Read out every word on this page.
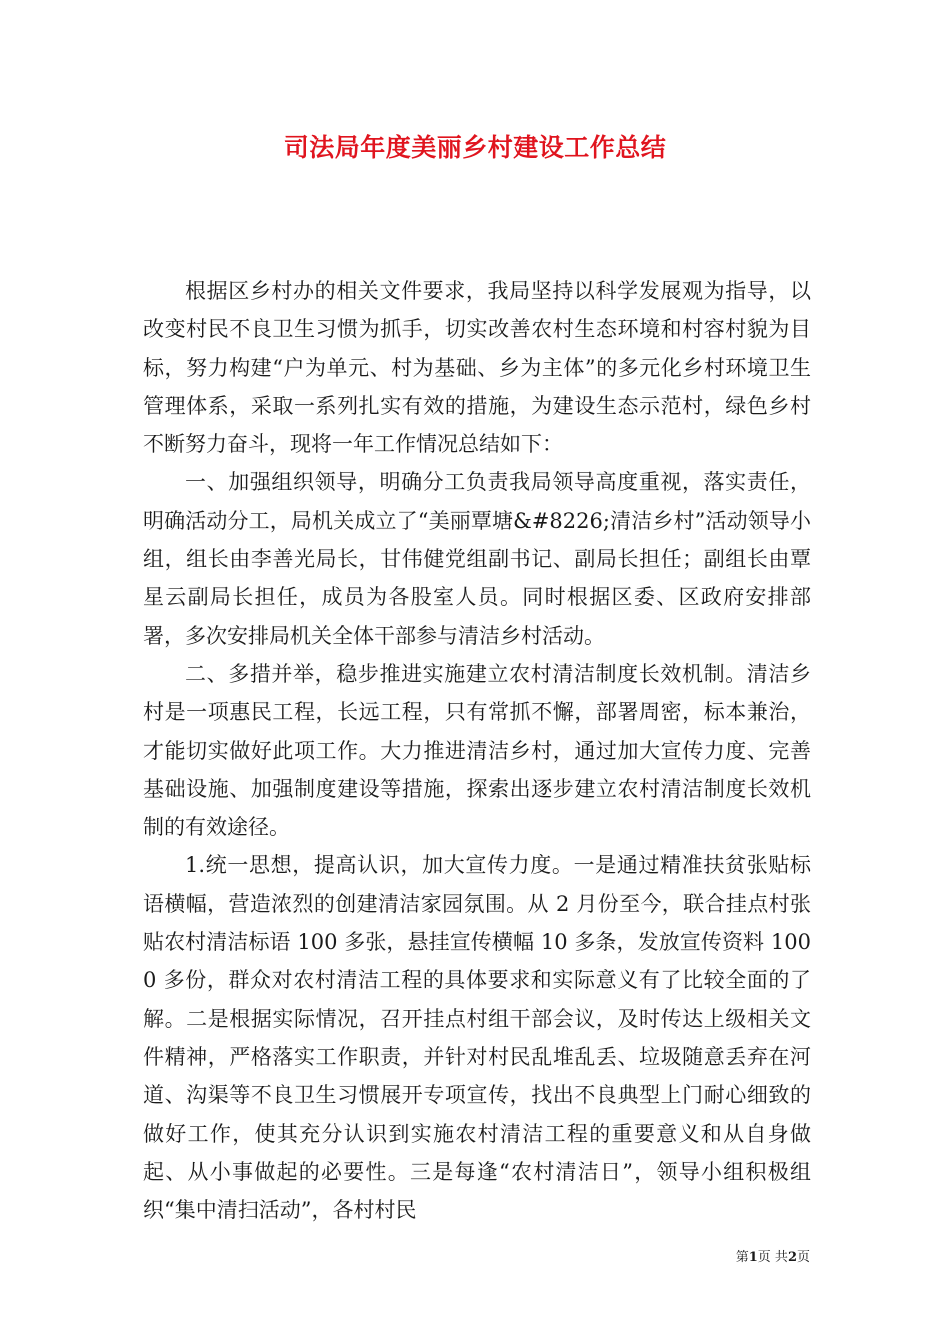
司法局年度美丽乡村建设工作总结

根据区乡村办的相关文件要求，我局坚持以科学发展观为指导，以改变村民不良卫生习惯为抓手，切实改善农村生态环境和村容村貌为目标，努力构建“户为单元、村为基础、乡为主体”的多元化乡村环境卫生管理体系，采取一系列扎实有效的措施，为建设生态示范村，绿色乡村不断努力奋斗，现将一年工作情况总结如下：

一、加强组织领导，明确分工负责我局领导高度重视，落实责任，明确活动分工，局机关成立了“美丽覃塘&#8226;清洁乡村”活动领导小组，组长由李善光局长，甘伟健党组副书记、副局长担任；副组长由覃星云副局长担任，成员为各股室人员。同时根据区委、区政府安排部署，多次安排局机关全体干部参与清洁乡村活动。

二、多措并举，稳步推进实施建立农村清洁制度长效机制。清洁乡村是一项惠民工程，长远工程，只有常抓不懈，部署周密，标本兼治，才能切实做好此项工作。大力推进清洁乡村，通过加大宣传力度、完善基础设施、加强制度建设等措施，探索出逐步建立农村清洁制度长效机制的有效途径。

1.统一思想，提高认识，加大宣传力度。一是通过精准扶贫张贴标语横幅，营造浓烈的创建清洁家园氛围。从 2 月份至今，联合挂点村张贴农村清洁标语 100 多张，悬挂宣传横幅 10 多条，发放宣传资料 1000 多份，群众对农村清洁工程的具体要求和实际意义有了比较全面的了解。二是根据实际情况，召开挂点村组干部会议，及时传达上级相关文件精神，严格落实工作职责，并针对村民乱堆乱丢、垃圾随意丢弃在河道、沟渠等不良卫生习惯展开专项宣传，找出不良典型上门耐心细致的做好工作，使其充分认识到实施农村清洁工程的重要意义和从自身做起、从小事做起的必要性。三是每逢“农村清洁日”，领导小组积极组织“集中清扫活动”，各村村民

第1页 共2页
